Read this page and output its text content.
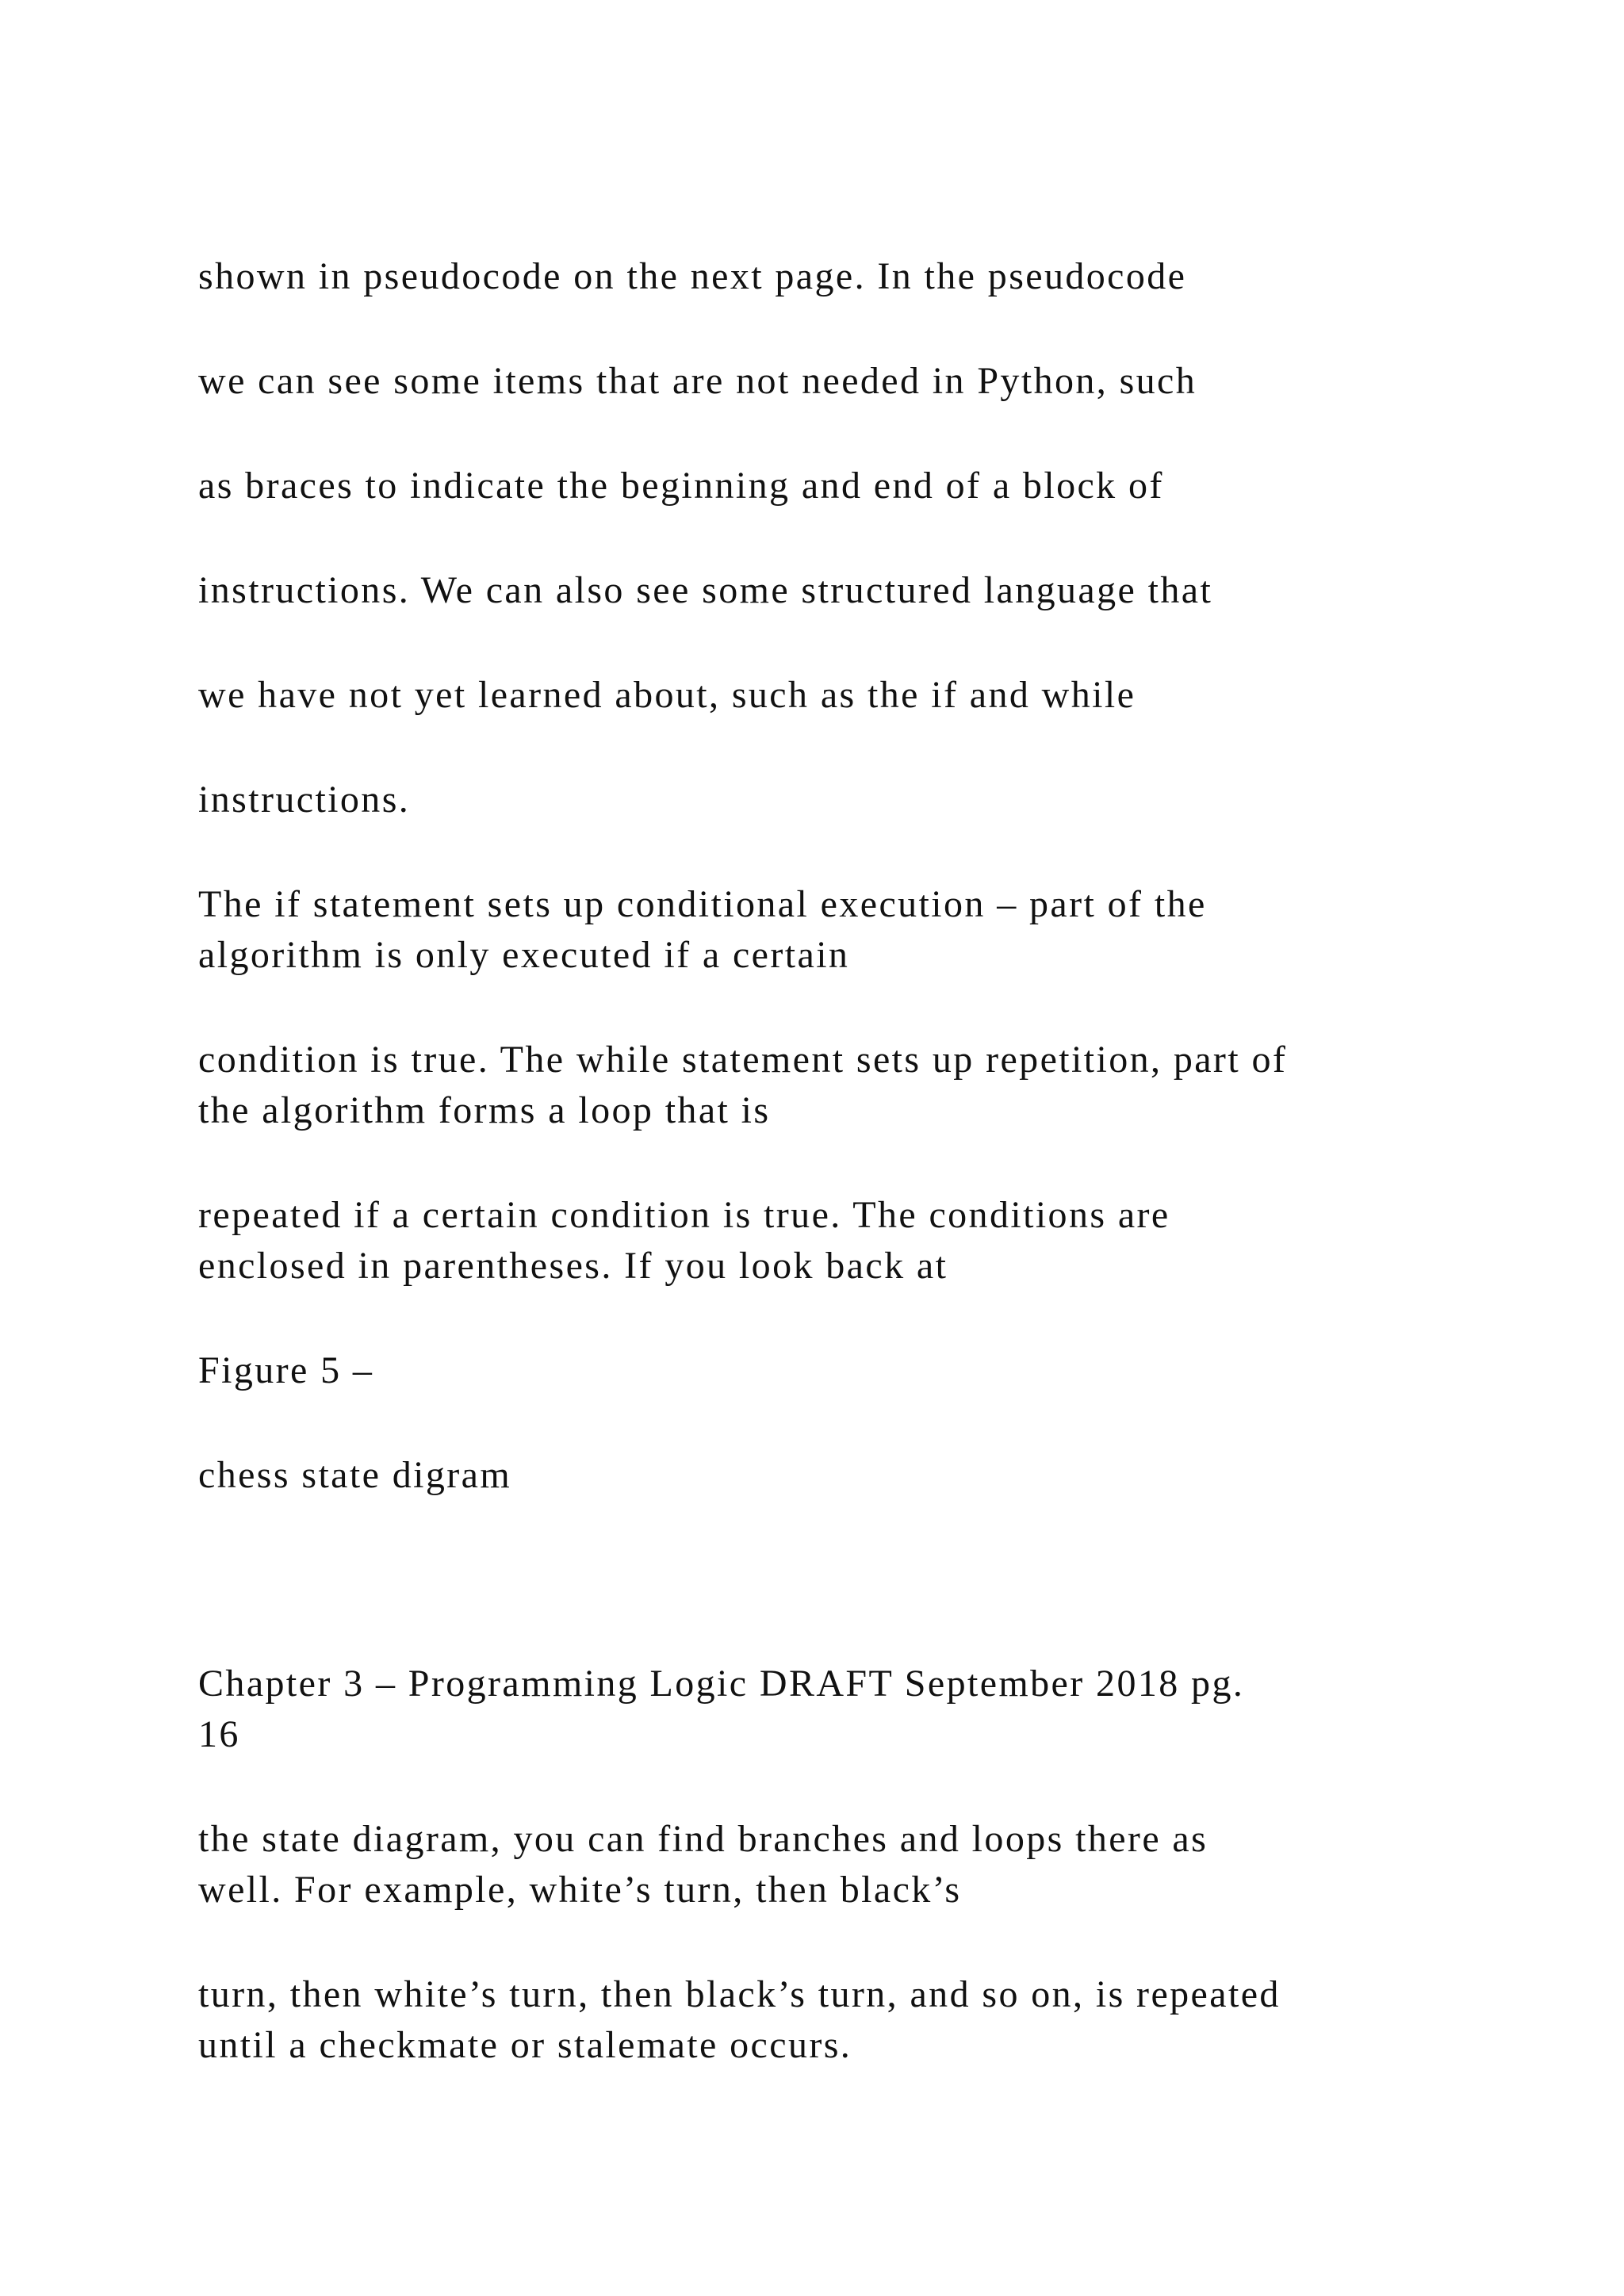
shown in pseudocode on the next page. In the pseudocode
we can see some items that are not needed in Python, such
as braces to indicate the beginning and end of a block of
instructions. We can also see some structured language that
we have not yet learned about, such as the if and while
instructions.
The if statement sets up conditional execution – part of the
algorithm is only executed if a certain
condition is true. The while statement sets up repetition, part of
the algorithm forms a loop that is
repeated if a certain condition is true. The conditions are
enclosed in parentheses. If you look back at
Figure 5 –
chess state digram
Chapter 3 – Programming Logic DRAFT September 2018 pg.
16
the state diagram, you can find branches and loops there as
well. For example, white’s turn, then black’s
turn, then white’s turn, then black’s turn, and so on, is repeated
until a checkmate or stalemate occurs.
